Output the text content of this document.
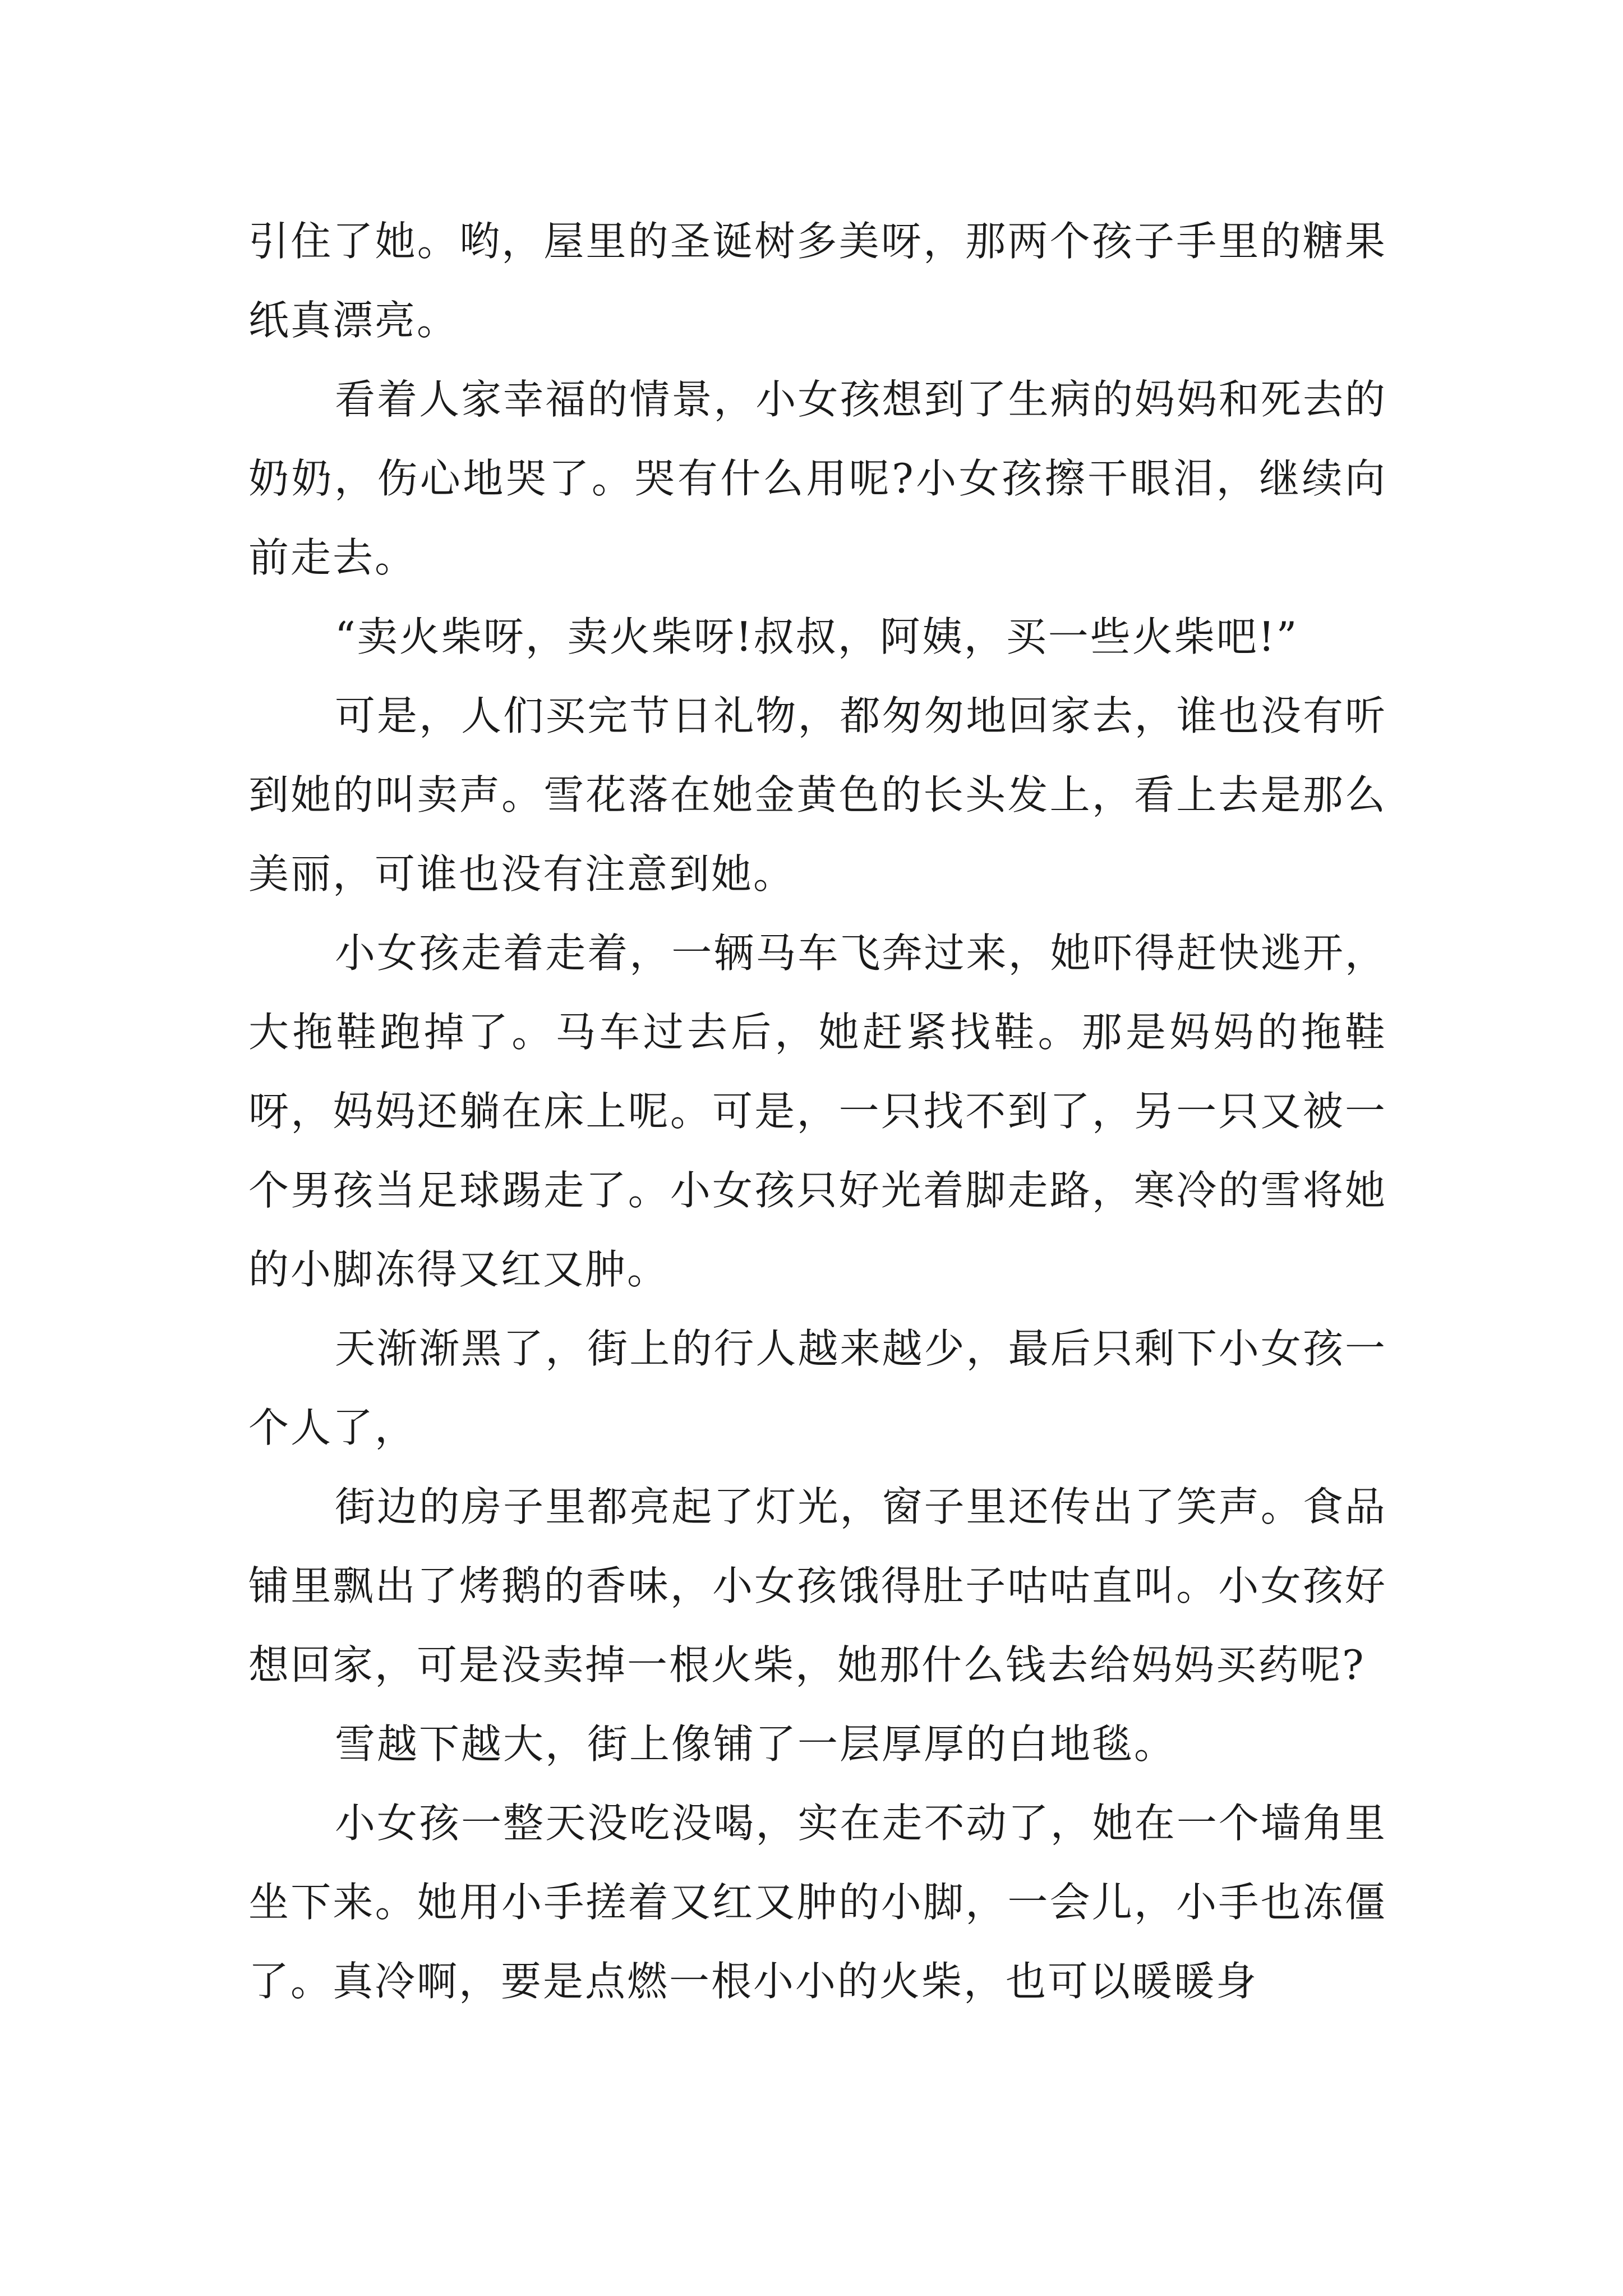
引住了她。哟，屋里的圣诞树多美呀，那两个孩子手里的糖果纸真漂亮。

看着人家幸福的情景，小女孩想到了生病的妈妈和死去的奶奶，伤心地哭了。哭有什么用呢?小女孩擦干眼泪，继续向前走去。

“卖火柴呀，卖火柴呀!叔叔，阿姨，买一些火柴吧!”

可是，人们买完节日礼物，都匆匆地回家去，谁也没有听到她的叫卖声。雪花落在她金黄色的长头发上，看上去是那么美丽，可谁也没有注意到她。

小女孩走着走着，一辆马车飞奔过来，她吓得赶快逃开，大拖鞋跑掉了。马车过去后，她赶紧找鞋。那是妈妈的拖鞋呀，妈妈还躺在床上呢。可是，一只找不到了，另一只又被一个男孩当足球踢走了。小女孩只好光着脚走路，寒冷的雪将她的小脚冻得又红又肿。

天渐渐黑了，街上的行人越来越少，最后只剩下小女孩一个人了，

街边的房子里都亮起了灯光，窗子里还传出了笑声。食品铺里飘出了烤鹅的香味，小女孩饿得肚子咕咕直叫。小女孩好想回家，可是没卖掉一根火柴，她那什么钱去给妈妈买药呢?

雪越下越大，街上像铺了一层厚厚的白地毯。

小女孩一整天没吃没喝，实在走不动了，她在一个墙角里坐下来。她用小手搓着又红又肿的小脚，一会儿，小手也冻僵了。真冷啊，要是点燃一根小小的火柴，也可以暖暖身
